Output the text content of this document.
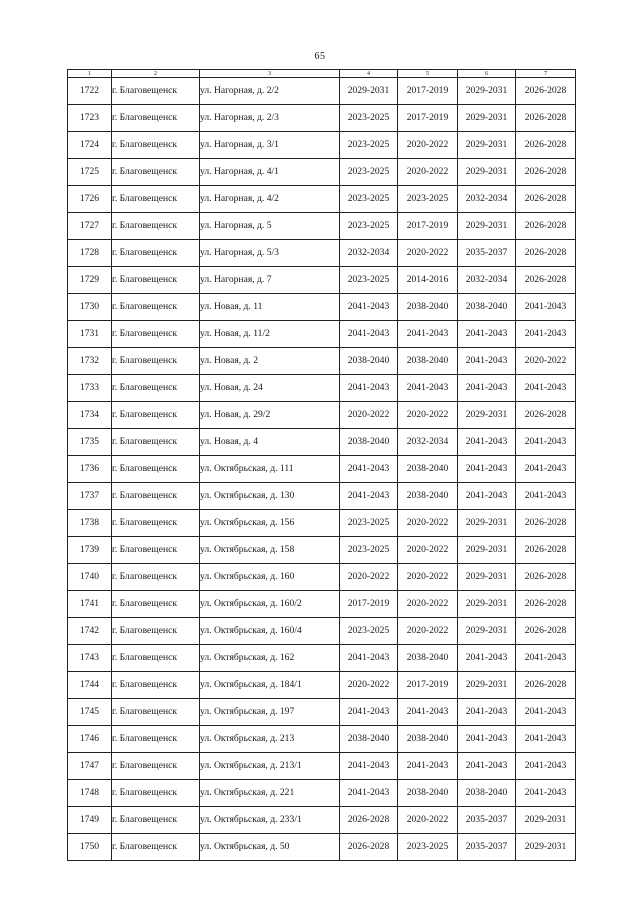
65
1	2	3	4	5	6	7
1722	г. Благовещенск	ул. Нагорная, д. 2/2	2029-2031	2017-2019	2029-2031	2026-2028
1723	г. Благовещенск	ул. Нагорная, д. 2/3	2023-2025	2017-2019	2029-2031	2026-2028
1724	г. Благовещенск	ул. Нагорная, д. 3/1	2023-2025	2020-2022	2029-2031	2026-2028
1725	г. Благовещенск	ул. Нагорная, д. 4/1	2023-2025	2020-2022	2029-2031	2026-2028
1726	г. Благовещенск	ул. Нагорная, д. 4/2	2023-2025	2023-2025	2032-2034	2026-2028
1727	г. Благовещенск	ул. Нагорная, д. 5	2023-2025	2017-2019	2029-2031	2026-2028
1728	г. Благовещенск	ул. Нагорная, д. 5/3	2032-2034	2020-2022	2035-2037	2026-2028
1729	г. Благовещенск	ул. Нагорная, д. 7	2023-2025	2014-2016	2032-2034	2026-2028
1730	г. Благовещенск	ул. Новая, д. 11	2041-2043	2038-2040	2038-2040	2041-2043
1731	г. Благовещенск	ул. Новая, д. 11/2	2041-2043	2041-2043	2041-2043	2041-2043
1732	г. Благовещенск	ул. Новая, д. 2	2038-2040	2038-2040	2041-2043	2020-2022
1733	г. Благовещенск	ул. Новая, д. 24	2041-2043	2041-2043	2041-2043	2041-2043
1734	г. Благовещенск	ул. Новая, д. 29/2	2020-2022	2020-2022	2029-2031	2026-2028
1735	г. Благовещенск	ул. Новая, д. 4	2038-2040	2032-2034	2041-2043	2041-2043
1736	г. Благовещенск	ул. Октябрьская, д. 111	2041-2043	2038-2040	2041-2043	2041-2043
1737	г. Благовещенск	ул. Октябрьская, д. 130	2041-2043	2038-2040	2041-2043	2041-2043
1738	г. Благовещенск	ул. Октябрьская, д. 156	2023-2025	2020-2022	2029-2031	2026-2028
1739	г. Благовещенск	ул. Октябрьская, д. 158	2023-2025	2020-2022	2029-2031	2026-2028
1740	г. Благовещенск	ул. Октябрьская, д. 160	2020-2022	2020-2022	2029-2031	2026-2028
1741	г. Благовещенск	ул. Октябрьская, д. 160/2	2017-2019	2020-2022	2029-2031	2026-2028
1742	г. Благовещенск	ул. Октябрьская, д. 160/4	2023-2025	2020-2022	2029-2031	2026-2028
1743	г. Благовещенск	ул. Октябрьская, д. 162	2041-2043	2038-2040	2041-2043	2041-2043
1744	г. Благовещенск	ул. Октябрьская, д. 184/1	2020-2022	2017-2019	2029-2031	2026-2028
1745	г. Благовещенск	ул. Октябрьская, д. 197	2041-2043	2041-2043	2041-2043	2041-2043
1746	г. Благовещенск	ул. Октябрьская, д. 213	2038-2040	2038-2040	2041-2043	2041-2043
1747	г. Благовещенск	ул. Октябрьская, д. 213/1	2041-2043	2041-2043	2041-2043	2041-2043
1748	г. Благовещенск	ул. Октябрьская, д. 221	2041-2043	2038-2040	2038-2040	2041-2043
1749	г. Благовещенск	ул. Октябрьская, д. 233/1	2026-2028	2020-2022	2035-2037	2029-2031
1750	г. Благовещенск	ул. Октябрьская, д. 50	2026-2028	2023-2025	2035-2037	2029-2031
